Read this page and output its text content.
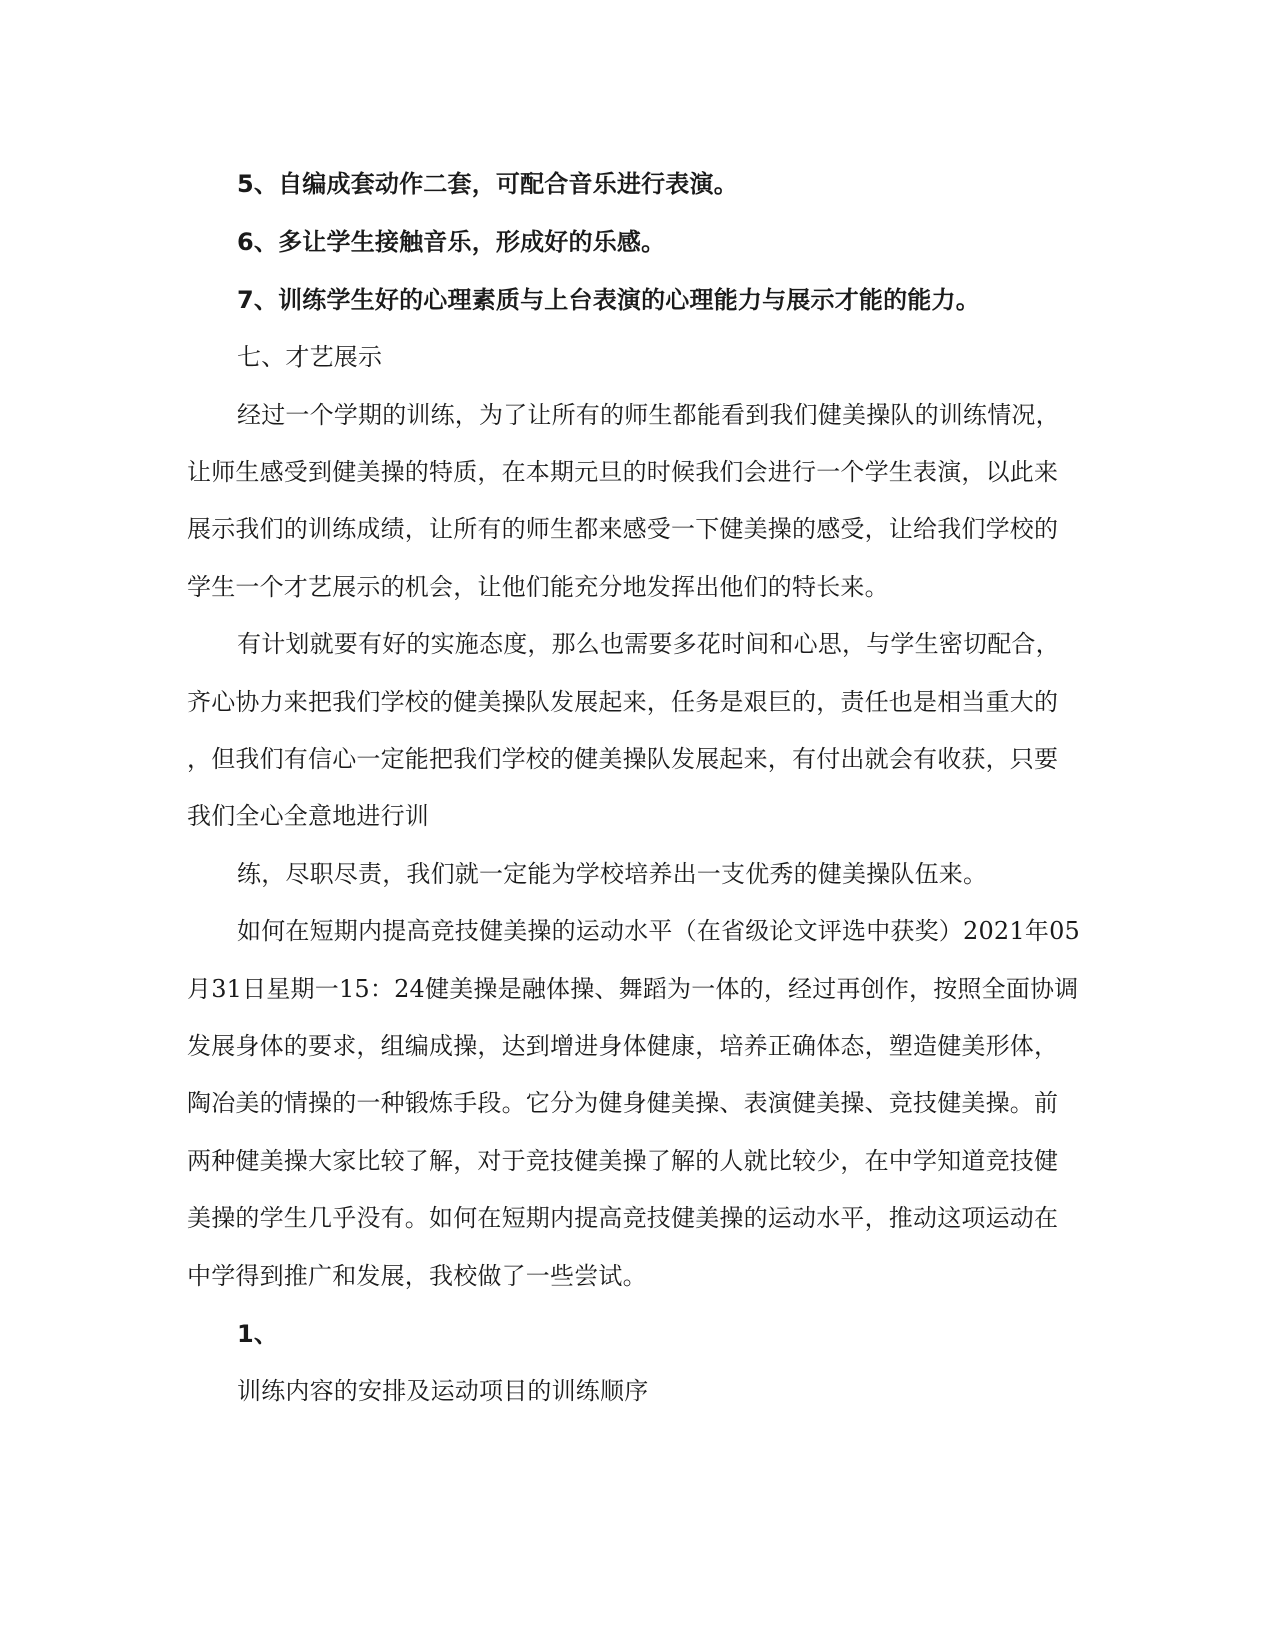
5、自编成套动作二套，可配合音乐进行表演。
6、多让学生接触音乐，形成好的乐感。
7、训练学生好的心理素质与上台表演的心理能力与展示才能的能力。
七、才艺展示
经过一个学期的训练，为了让所有的师生都能看到我们健美操队的训练情况，
让师生感受到健美操的特质，在本期元旦的时候我们会进行一个学生表演，以此来
展示我们的训练成绩，让所有的师生都来感受一下健美操的感受，让给我们学校的
学生一个才艺展示的机会，让他们能充分地发挥出他们的特长来。
有计划就要有好的实施态度，那么也需要多花时间和心思，与学生密切配合，
齐心协力来把我们学校的健美操队发展起来，任务是艰巨的，责任也是相当重大的
，但我们有信心一定能把我们学校的健美操队发展起来，有付出就会有收获，只要
我们全心全意地进行训
练，尽职尽责，我们就一定能为学校培养出一支优秀的健美操队伍来。
如何在短期内提高竞技健美操的运动水平（在省级论文评选中获奖）2021年05
月31日星期一15：24健美操是融体操、舞蹈为一体的，经过再创作，按照全面协调
发展身体的要求，组编成操，达到增进身体健康，培养正确体态，塑造健美形体，
陶冶美的情操的一种锻炼手段。它分为健身健美操、表演健美操、竞技健美操。前
两种健美操大家比较了解，对于竞技健美操了解的人就比较少，在中学知道竞技健
美操的学生几乎没有。如何在短期内提高竞技健美操的运动水平，推动这项运动在
中学得到推广和发展，我校做了一些尝试。
1、
训练内容的安排及运动项目的训练顺序
